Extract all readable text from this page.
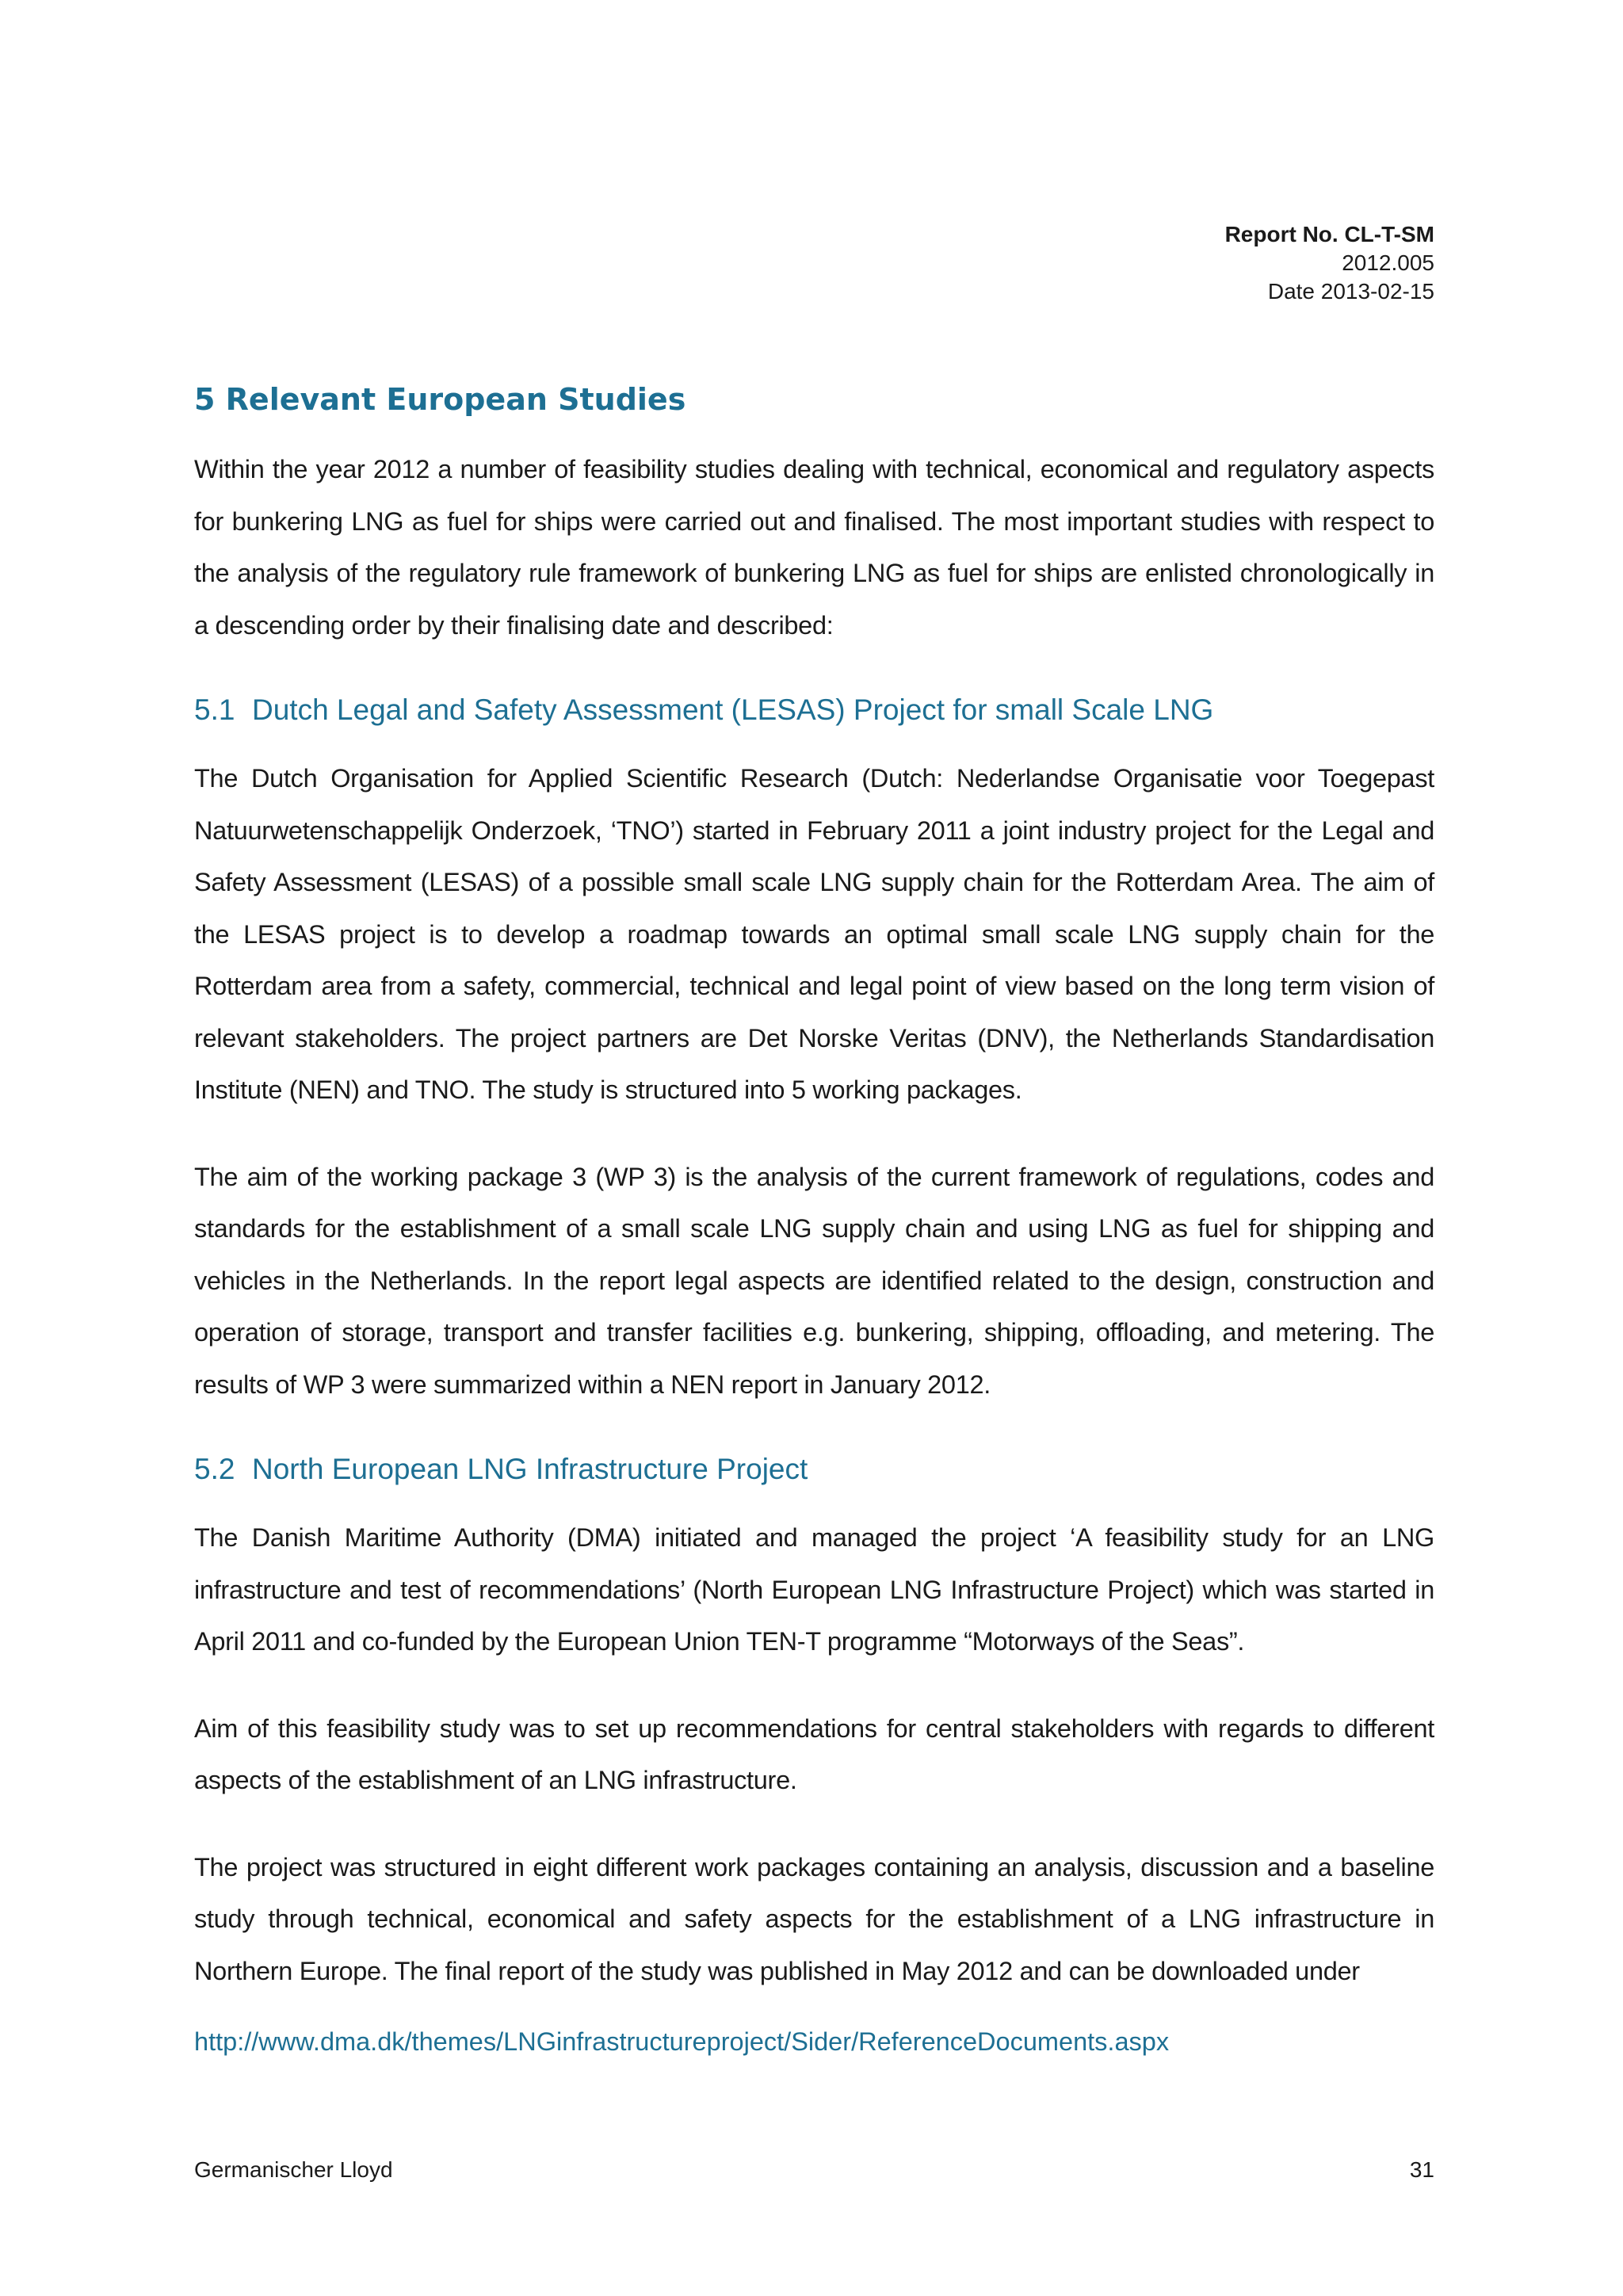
Report No. CL-T-SM
2012.005
Date 2013-02-15
5 Relevant European Studies

Within the year 2012 a number of feasibility studies dealing with technical, economical and regulatory aspects for bunkering LNG as fuel for ships were carried out and finalised. The most important studies with respect to the analysis of the regulatory rule framework of bunkering LNG as fuel for ships are enlisted chronologically in a descending order by their finalising date and described:

5.1 Dutch Legal and Safety Assessment (LESAS) Project for small Scale LNG

The Dutch Organisation for Applied Scientific Research (Dutch: Nederlandse Organisatie voor Toegepast Natuurwetenschappelijk Onderzoek, ‘TNO’) started in February 2011 a joint industry project for the Legal and Safety Assessment (LESAS) of a possible small scale LNG supply chain for the Rotterdam Area. The aim of the LESAS project is to develop a roadmap towards an optimal small scale LNG supply chain for the Rotterdam area from a safety, commercial, technical and legal point of view based on the long term vision of relevant stakeholders. The project partners are Det Norske Veritas (DNV), the Netherlands Standardisation Institute (NEN) and TNO. The study is structured into 5 working packages.

The aim of the working package 3 (WP 3) is the analysis of the current framework of regulations, codes and standards for the establishment of a small scale LNG supply chain and using LNG as fuel for shipping and vehicles in the Netherlands. In the report legal aspects are identified related to the design, construction and operation of storage, transport and transfer facilities e.g. bunkering, shipping, offloading, and metering. The results of WP 3 were summarized within a NEN report in January 2012.

5.2 North European LNG Infrastructure Project

The Danish Maritime Authority (DMA) initiated and managed the project ‘A feasibility study for an LNG infrastructure and test of recommendations’ (North European LNG Infrastructure Project) which was started in April 2011 and co-funded by the European Union TEN-T programme “Motorways of the Seas”.

Aim of this feasibility study was to set up recommendations for central stakeholders with regards to different aspects of the establishment of an LNG infrastructure.

The project was structured in eight different work packages containing an analysis, discussion and a baseline study through technical, economical and safety aspects for the establishment of a LNG infrastructure in Northern Europe. The final report of the study was published in May 2012 and can be downloaded under

http://www.dma.dk/themes/LNGinfrastructureproject/Sider/ReferenceDocuments.aspx
Germanischer Lloyd	31
